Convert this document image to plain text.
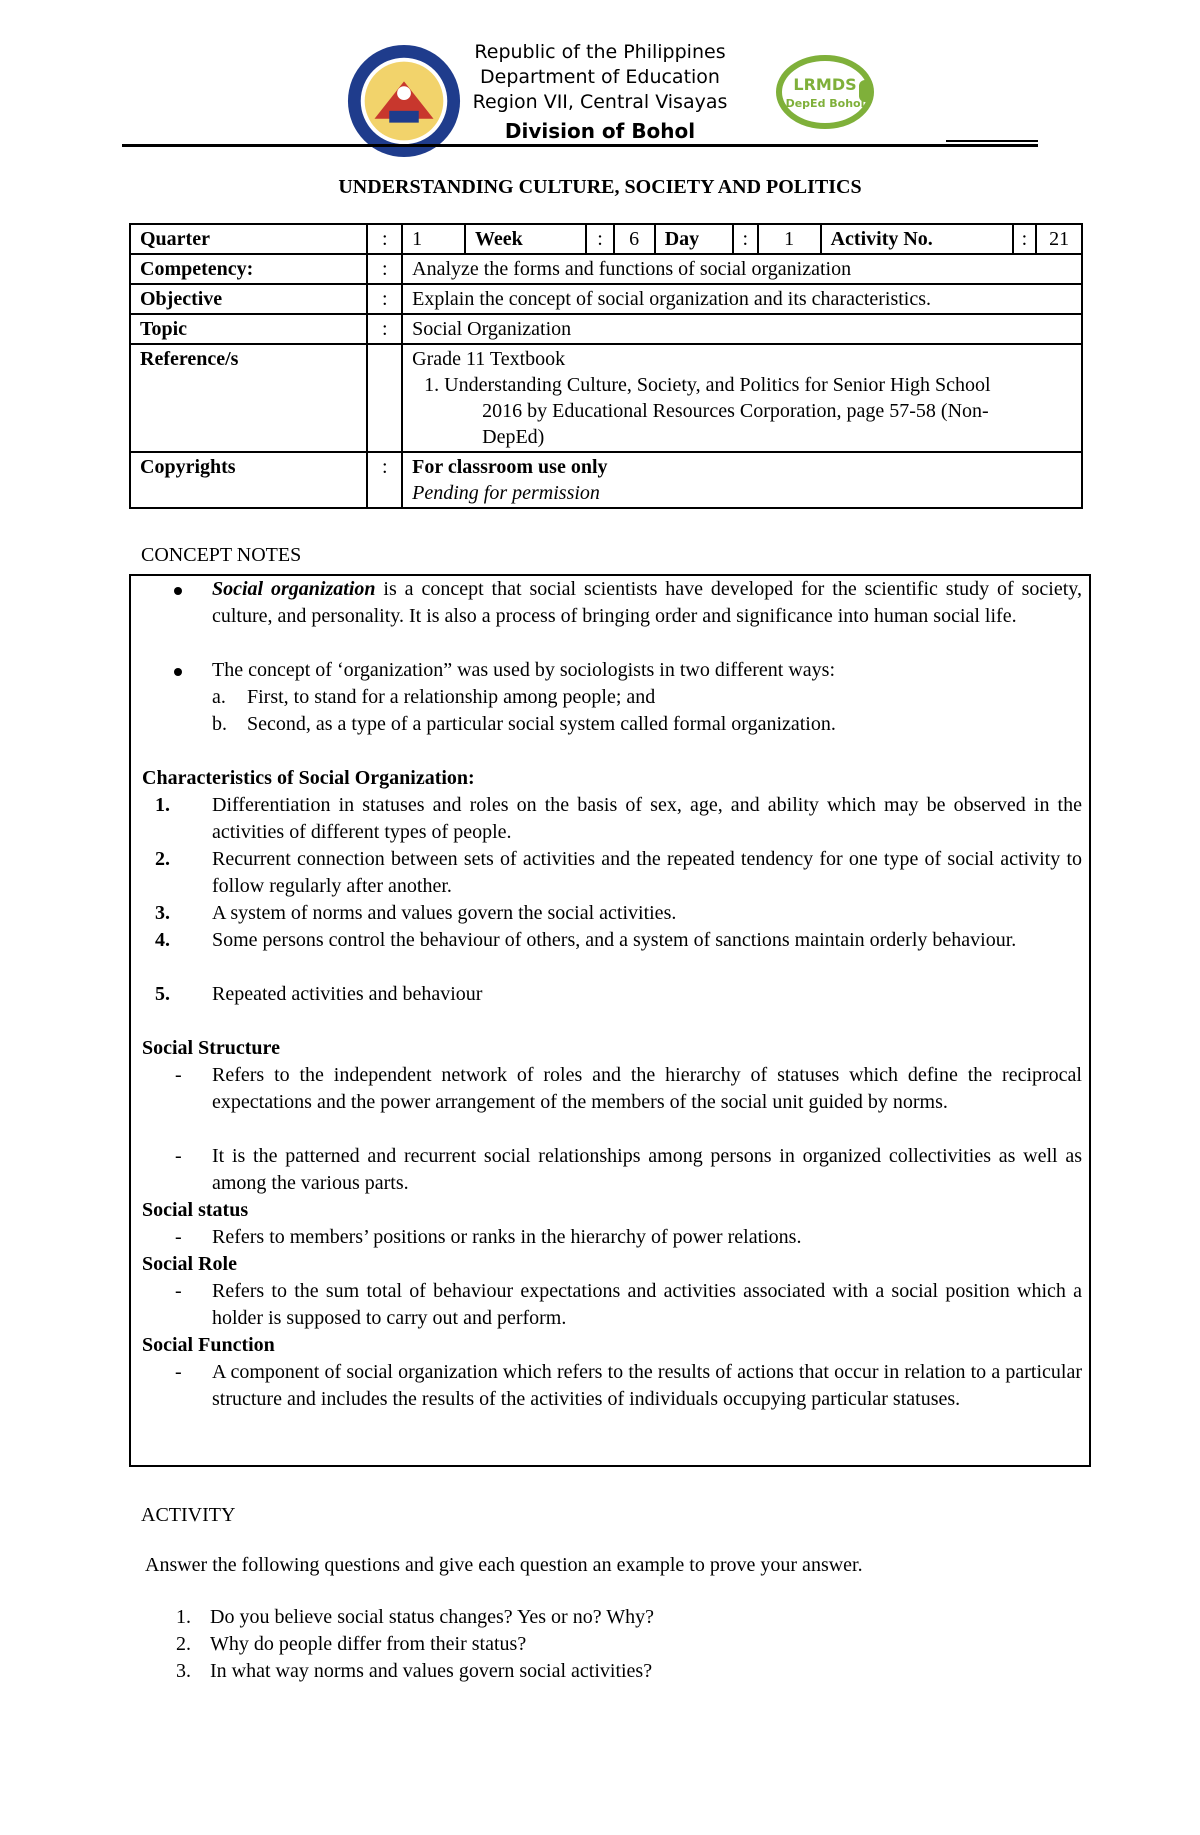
Republic of the Philippines
Department of Education
Region VII, Central Visayas
Division of Bohol
LRMDS
DepEd Bohol
UNDERSTANDING CULTURE, SOCIETY AND POLITICS
Quarter	:	1	Week	:	6	Day	:	1	Activity No.	:	21
Competency:	:	Analyze the forms and functions of social organization									
Objective	:	Explain the concept of social organization and its characteristics.									
Topic	:	Social Organization									
Reference/s		Grade 11 Textbook
1. Understanding Culture, Society, and Politics for Senior High School
2016 by Educational Resources Corporation, page 57-58 (Non-
DepEd)									

Copyrights	:	For classroom use only
Pending for permission									
CONCEPT NOTES
Social organization is a concept that social scientists have developed for the scientific study of society, culture, and personality. It is also a process of bringing order and significance into human social life.
The concept of ‘organization” was used by sociologists in two different ways:
a. First, to stand for a relationship among people; and
b. Second, as a type of a particular social system called formal organization.
Characteristics of Social Organization:
1. Differentiation in statuses and roles on the basis of sex, age, and ability which may be observed in the activities of different types of people.
2. Recurrent connection between sets of activities and the repeated tendency for one type of social activity to follow regularly after another.
3. A system of norms and values govern the social activities.
4. Some persons control the behaviour of others, and a system of sanctions maintain orderly behaviour.
5. Repeated activities and behaviour
Social Structure
- Refers to the independent network of roles and the hierarchy of statuses which define the reciprocal expectations and the power arrangement of the members of the social unit guided by norms.
- It is the patterned and recurrent social relationships among persons in organized collectivities as well as among the various parts.
Social status
- Refers to members’ positions or ranks in the hierarchy of power relations.
Social Role
- Refers to the sum total of behaviour expectations and activities associated with a social position which a holder is supposed to carry out and perform.
Social Function
- A component of social organization which refers to the results of actions that occur in relation to a particular structure and includes the results of the activities of individuals occupying particular statuses.
ACTIVITY
Answer the following questions and give each question an example to prove your answer.
1. Do you believe social status changes? Yes or no? Why?
2. Why do people differ from their status?
3. In what way norms and values govern social activities?
